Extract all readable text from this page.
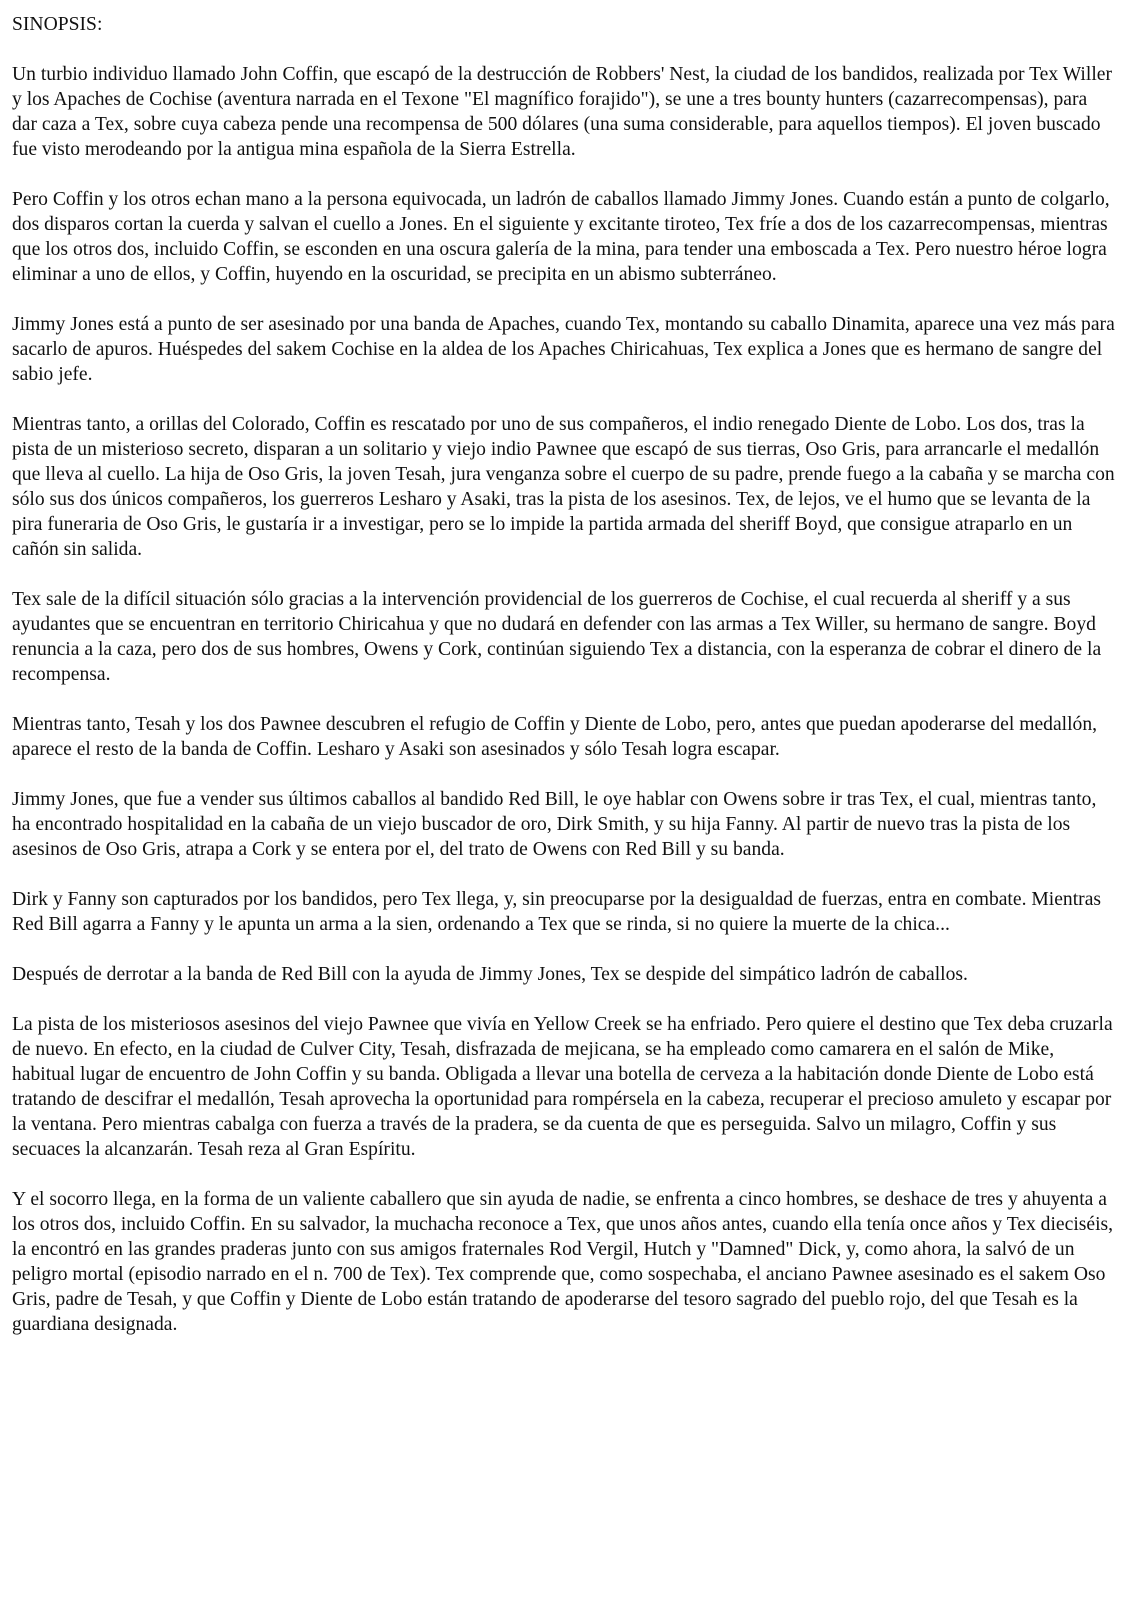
SINOPSIS:

Un turbio individuo llamado John Coffin, que escapó de la destrucción de Robbers' Nest, la ciudad de los bandidos, realizada por Tex Willer y los Apaches de Cochise (aventura narrada en el Texone "El magnífico forajido"), se une a tres bounty hunters (cazarrecompensas), para dar caza a Tex, sobre cuya cabeza pende una recompensa de 500 dólares (una suma considerable, para aquellos tiempos). El joven buscado fue visto merodeando por la antigua mina española de la Sierra Estrella.

Pero Coffin y los otros echan mano a la persona equivocada, un ladrón de caballos llamado Jimmy Jones. Cuando están a punto de colgarlo, dos disparos cortan la cuerda y salvan el cuello a Jones. En el siguiente y excitante tiroteo, Tex fríe a dos de los cazarrecompensas, mientras que los otros dos, incluido Coffin, se esconden en una oscura galería de la mina, para tender una emboscada a Tex. Pero nuestro héroe logra eliminar a uno de ellos, y Coffin, huyendo en la oscuridad, se precipita en un abismo subterráneo.

Jimmy Jones está a punto de ser asesinado por una banda de Apaches, cuando Tex, montando su caballo Dinamita, aparece una vez más para sacarlo de apuros. Huéspedes del sakem Cochise en la aldea de los Apaches Chiricahuas, Tex explica a Jones que es hermano de sangre del sabio jefe.

Mientras tanto, a orillas del Colorado, Coffin es rescatado por uno de sus compañeros, el indio renegado Diente de Lobo. Los dos, tras la pista de un misterioso secreto, disparan a un solitario y viejo indio Pawnee que escapó de sus tierras, Oso Gris, para arrancarle el medallón que lleva al cuello. La hija de Oso Gris, la joven Tesah, jura venganza sobre el cuerpo de su padre, prende fuego a la cabaña y se marcha con sólo sus dos únicos compañeros, los guerreros Lesharo y Asaki, tras la pista de los asesinos. Tex, de lejos, ve el humo que se levanta de la pira funeraria de Oso Gris, le gustaría ir a investigar, pero se lo impide la partida armada del sheriff Boyd, que consigue atraparlo en un cañón sin salida.

Tex sale de la difícil situación sólo gracias a la intervención providencial de los guerreros de Cochise, el cual recuerda al sheriff y a sus ayudantes que se encuentran en territorio Chiricahua y que no dudará en defender con las armas a Tex Willer, su hermano de sangre. Boyd renuncia a la caza, pero dos de sus hombres, Owens y Cork, continúan siguiendo Tex a distancia, con la esperanza de cobrar el dinero de la recompensa.

Mientras tanto, Tesah y los dos Pawnee descubren el refugio de Coffin y Diente de Lobo, pero, antes que puedan apoderarse del medallón, aparece el resto de la banda de Coffin. Lesharo y Asaki son asesinados y sólo Tesah logra escapar.

Jimmy Jones, que fue a vender sus últimos caballos al bandido Red Bill, le oye hablar con Owens sobre ir tras Tex, el cual, mientras tanto, ha encontrado hospitalidad en la cabaña de un viejo buscador de oro, Dirk Smith, y su hija Fanny. Al partir de nuevo tras la pista de los asesinos de Oso Gris, atrapa a Cork y se entera por el, del trato de Owens con Red Bill y su banda.

Dirk y Fanny son capturados por los bandidos, pero Tex llega, y, sin preocuparse por la desigualdad de fuerzas, entra en combate. Mientras Red Bill agarra a Fanny y le apunta un arma a la sien, ordenando a Tex que se rinda, si no quiere la muerte de la chica...

Después de derrotar a la banda de Red Bill con la ayuda de Jimmy Jones, Tex se despide del simpático ladrón de caballos.

La pista de los misteriosos asesinos del viejo Pawnee que vivía en Yellow Creek se ha enfriado. Pero quiere el destino que Tex deba cruzarla de nuevo. En efecto, en la ciudad de Culver City, Tesah, disfrazada de mejicana, se ha empleado como camarera en el salón de Mike, habitual lugar de encuentro de John Coffin y su banda. Obligada a llevar una botella de cerveza a la habitación donde Diente de Lobo está tratando de descifrar el medallón, Tesah aprovecha la oportunidad para rompérsela en la cabeza, recuperar el precioso amuleto y escapar por la ventana. Pero mientras cabalga con fuerza a través de la pradera, se da cuenta de que es perseguida. Salvo un milagro, Coffin y sus secuaces la alcanzarán. Tesah reza al Gran Espíritu.

Y el socorro llega, en la forma de un valiente caballero que sin ayuda de nadie, se enfrenta a cinco hombres, se deshace de tres y ahuyenta a los otros dos, incluido Coffin. En su salvador, la muchacha reconoce a Tex, que unos años antes, cuando ella tenía once años y Tex dieciséis, la encontró en las grandes praderas junto con sus amigos fraternales Rod Vergil, Hutch y "Damned" Dick, y, como ahora, la salvó de un peligro mortal (episodio narrado en el n. 700 de Tex). Tex comprende que, como sospechaba, el anciano Pawnee asesinado es el sakem Oso Gris, padre de Tesah, y que Coffin y Diente de Lobo están tratando de apoderarse del tesoro sagrado del pueblo rojo, del que Tesah es la guardiana designada.
